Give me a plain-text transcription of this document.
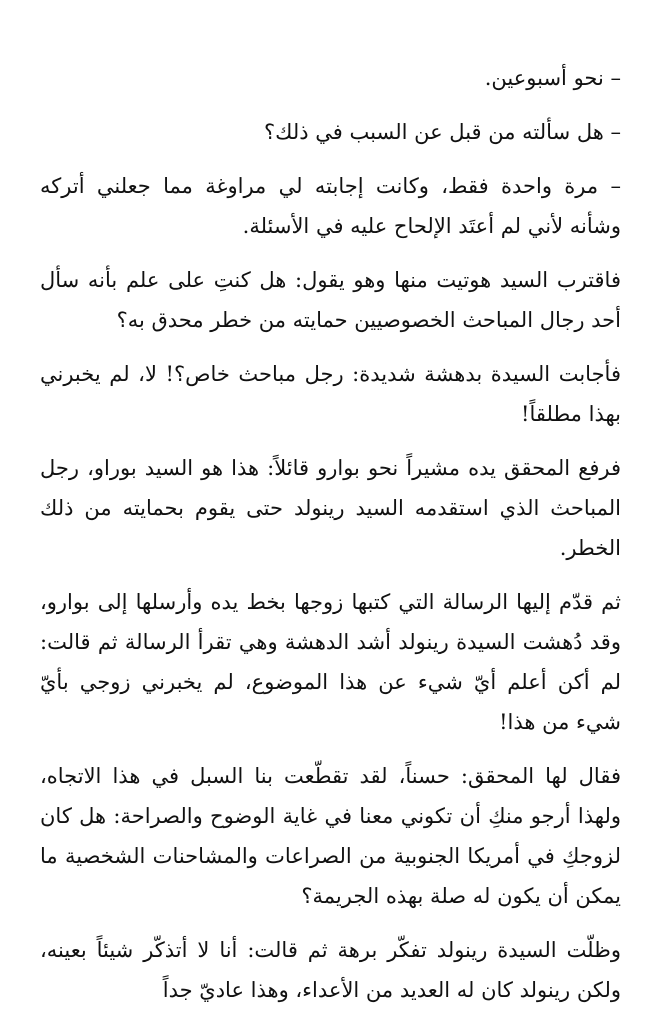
– نحو أسبوعين.

– هل سألته من قبل عن السبب في ذلك؟

– مرة واحدة فقط، وكانت إجابته لي مراوغة مما جعلني أتركه وشأنه لأني لم أعتَد الإلحاح عليه في الأسئلة.

فاقترب السيد هوتيت منها وهو يقول: هل كنتِ على علم بأنه سأل أحد رجال المباحث الخصوصيين حمايته من خطر محدق به؟

فأجابت السيدة بدهشة شديدة: رجل مباحث خاص؟! لا، لم يخبرني بهذا مطلقاً!

فرفع المحقق يده مشيراً نحو بوارو قائلاً: هذا هو السيد بوراو، رجل المباحث الذي استقدمه السيد رينولد حتى يقوم بحمايته من ذلك الخطر.

ثم قدّم إليها الرسالة التي كتبها زوجها بخط يده وأرسلها إلى بوارو، وقد دُهشت السيدة رينولد أشد الدهشة وهي تقرأ الرسالة ثم قالت: لم أكن أعلم أيّ شيء عن هذا الموضوع، لم يخبرني زوجي بأيّ شيء من هذا!

فقال لها المحقق: حسناً، لقد تقطّعت بنا السبل في هذا الاتجاه، ولهذا أرجو منكِ أن تكوني معنا في غاية الوضوح والصراحة: هل كان لزوجكِ في أمريكا الجنوبية من الصراعات والمشاحنات الشخصية ما يمكن أن يكون له صلة بهذه الجريمة؟

وظلّت السيدة رينولد تفكّر برهة ثم قالت: أنا لا أتذكّر شيئاً بعينه، ولكن رينولد كان له العديد من الأعداء، وهذا عاديّ جداً
